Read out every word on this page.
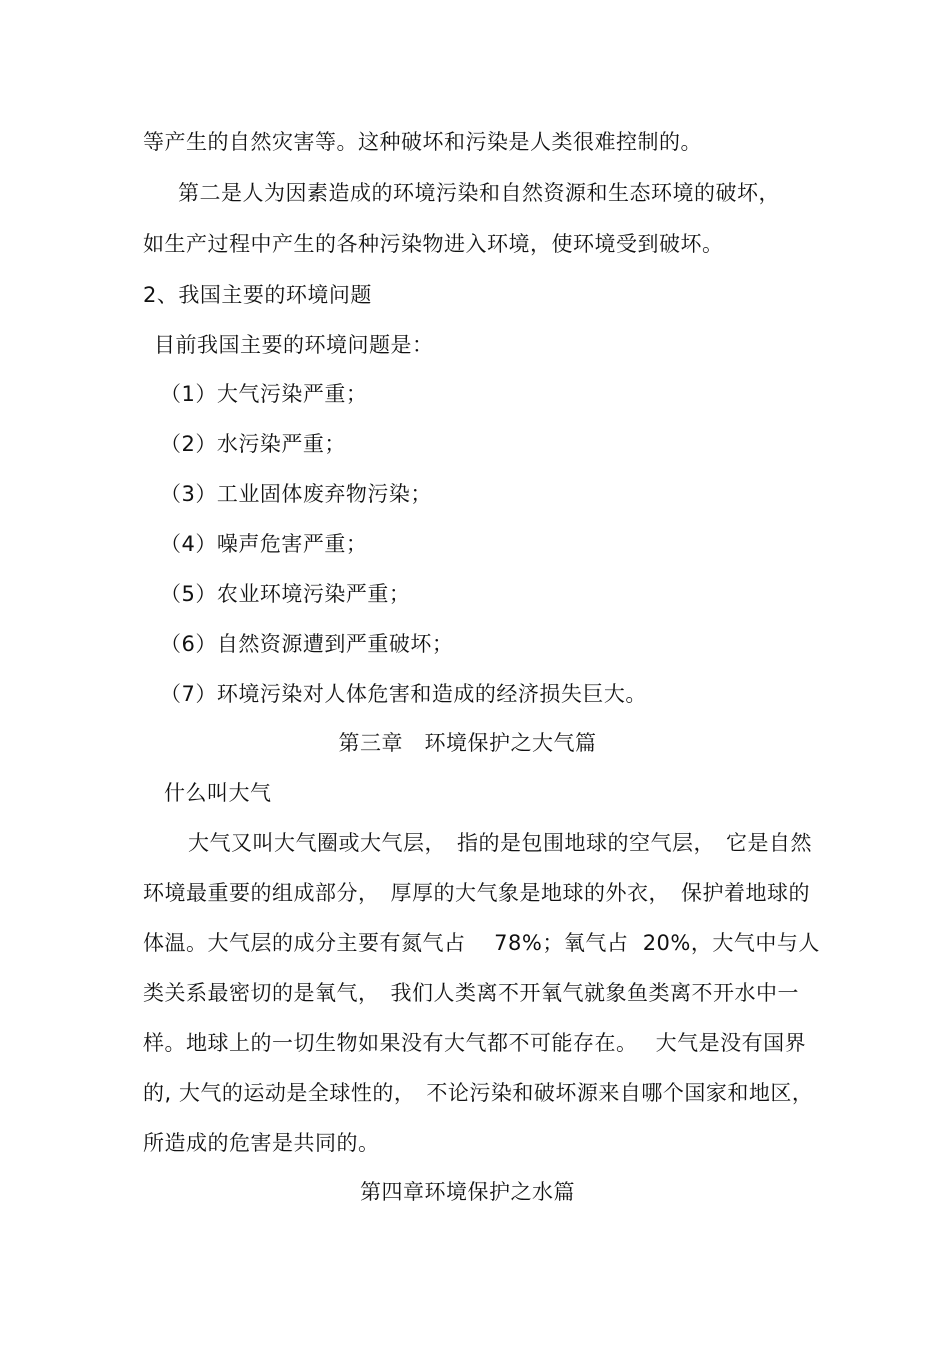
等产生的自然灾害等。这种破坏和污染是人类很难控制的。
第二是人为因素造成的环境污染和自然资源和生态环境的破坏，
如生产过程中产生的各种污染物进入环境，使环境受到破坏。
2、我国主要的环境问题
目前我国主要的环境问题是：
（1）大气污染严重；
（2）水污染严重；
（3）工业固体废弃物污染；
（4）噪声危害严重；
（5）农业环境污染严重；
（6）自然资源遭到严重破坏；
（7）环境污染对人体危害和造成的经济损失巨大。
第三章　环境保护之大气篇
什么叫大气
大气又叫大气圈或大气层，　指的是包围地球的空气层，　它是自然
环境最重要的组成部分，　厚厚的大气象是地球的外衣，　保护着地球的
体温。大气层的成分主要有氮气占　 78%；氧气占  20%，大气中与人
类关系最密切的是氧气，　我们人类离不开氧气就象鱼类离不开水中一
样。地球上的一切生物如果没有大气都不可能存在。　 大气是没有国界
的, 大气的运动是全球性的，　不论污染和破坏源来自哪个国家和地区，
所造成的危害是共同的。
第四章环境保护之水篇
